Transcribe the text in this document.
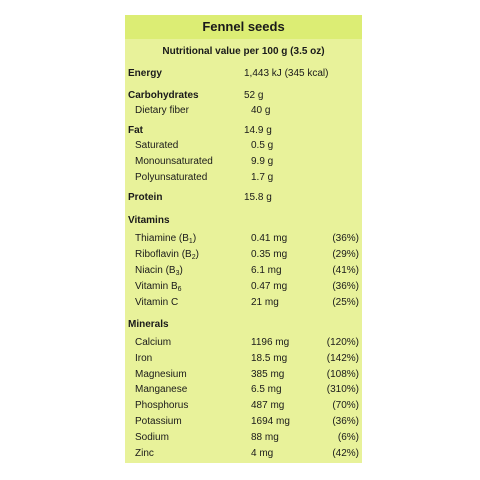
Fennel seeds
Nutritional value per 100 g (3.5 oz)
Energy	1,443 kJ (345 kcal)
Carbohydrates	52 g
Dietary fiber	40 g
Fat	14.9 g
Saturated	0.5 g
Monounsaturated	9.9 g
Polyunsaturated	1.7 g
Protein	15.8 g
Vitamins
Thiamine $(B_1)$	0.41 mg	(36%)
Riboflavin $(B_2)$	0.35 mg	(29%)
Niacin $(B_3)$	6.1 mg	(41%)
Vitamin $B_6$	0.47 mg	(36%)
Vitamin C	21 mg	(25%)
Minerals
Calcium	1196 mg	(120%)
Iron	18.5 mg	(142%)
Magnesium	385 mg	(108%)
Manganese	6.5 mg	(310%)
Phosphorus	487 mg	(70%)
Potassium	1694 mg	(36%)
Sodium	88 mg	(6%)
Zinc	4 mg	(42%)
